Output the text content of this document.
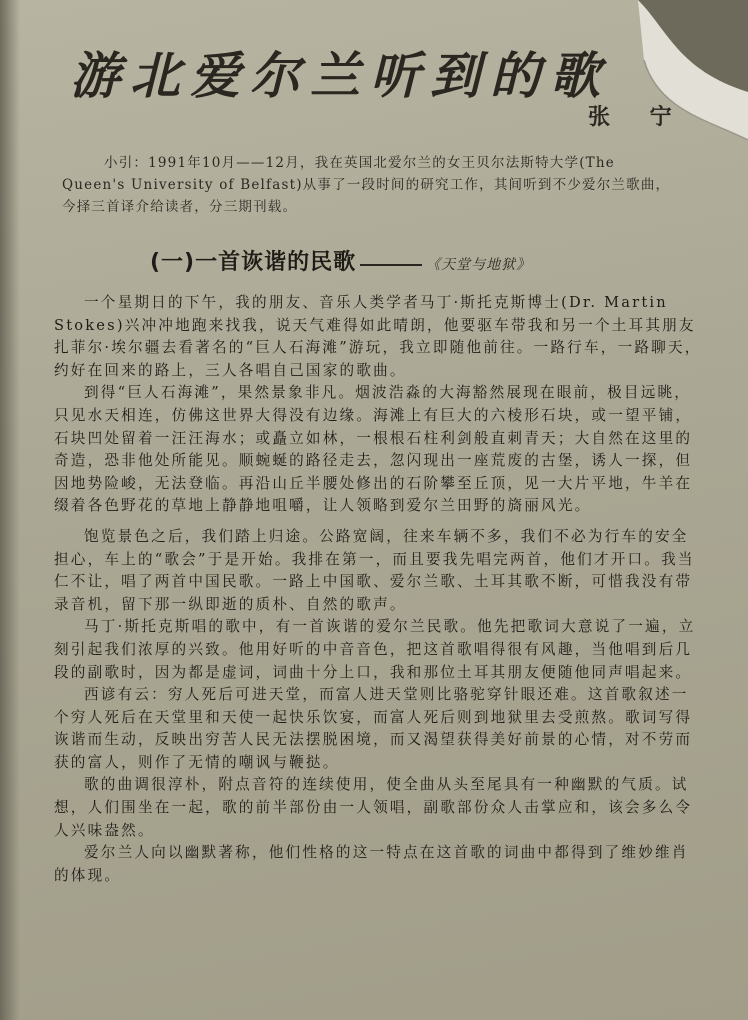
游北爱尔兰听到的歌
张 宁
小引：1991年10月——12月，我在英国北爱尔兰的女王贝尔法斯特大学(The Queen's University of Belfast)从事了一段时间的研究工作，其间听到不少爱尔兰歌曲，今择三首译介给读者，分三期刊载。
(一)一首诙谐的民歌	《天堂与地狱》

一个星期日的下午，我的朋友、音乐人类学者马丁·斯托克斯博士(Dr. Martin Stokes)兴冲冲地跑来找我，说天气难得如此晴朗，他要驱车带我和另一个土耳其朋友扎菲尔·埃尔疆去看著名的“巨人石海滩”游玩，我立即随他前往。一路行车，一路聊天，约好在回来的路上，三人各唱自己国家的歌曲。

到得“巨人石海滩”，果然景象非凡。烟波浩淼的大海豁然展现在眼前，极目远眺，只见水天相连，仿佛这世界大得没有边缘。海滩上有巨大的六棱形石块，或一望平铺，石块凹处留着一汪汪海水；或矗立如林，一根根石柱利剑般直刺青天；大自然在这里的奇造，恐非他处所能见。顺蜿蜒的路径走去，忽闪现出一座荒废的古堡，诱人一探，但因地势险峻，无法登临。再沿山丘半腰处修出的石阶攀至丘顶，见一大片平地，牛羊在缀着各色野花的草地上静静地咀嚼，让人领略到爱尔兰田野的旖丽风光。

饱览景色之后，我们踏上归途。公路宽阔，往来车辆不多，我们不必为行车的安全担心，车上的“歌会”于是开始。我排在第一，而且要我先唱完两首，他们才开口。我当仁不让，唱了两首中国民歌。一路上中国歌、爱尔兰歌、土耳其歌不断，可惜我没有带录音机，留下那一纵即逝的质朴、自然的歌声。

马丁·斯托克斯唱的歌中，有一首诙谐的爱尔兰民歌。他先把歌词大意说了一遍，立刻引起我们浓厚的兴致。他用好听的中音音色，把这首歌唱得很有风趣，当他唱到后几段的副歌时，因为都是虚词，词曲十分上口，我和那位土耳其朋友便随他同声唱起来。

西谚有云：穷人死后可进天堂，而富人进天堂则比骆驼穿针眼还难。这首歌叙述一个穷人死后在天堂里和天使一起快乐饮宴，而富人死后则到地狱里去受煎熬。歌词写得诙谐而生动，反映出穷苦人民无法摆脱困境，而又渴望获得美好前景的心情，对不劳而获的富人，则作了无情的嘲讽与鞭挞。

歌的曲调很淳朴，附点音符的连续使用，使全曲从头至尾具有一种幽默的气质。试想，人们围坐在一起，歌的前半部份由一人领唱，副歌部份众人击掌应和，该会多么令人兴味盎然。

爱尔兰人向以幽默著称，他们性格的这一特点在这首歌的词曲中都得到了维妙维肖的体现。
